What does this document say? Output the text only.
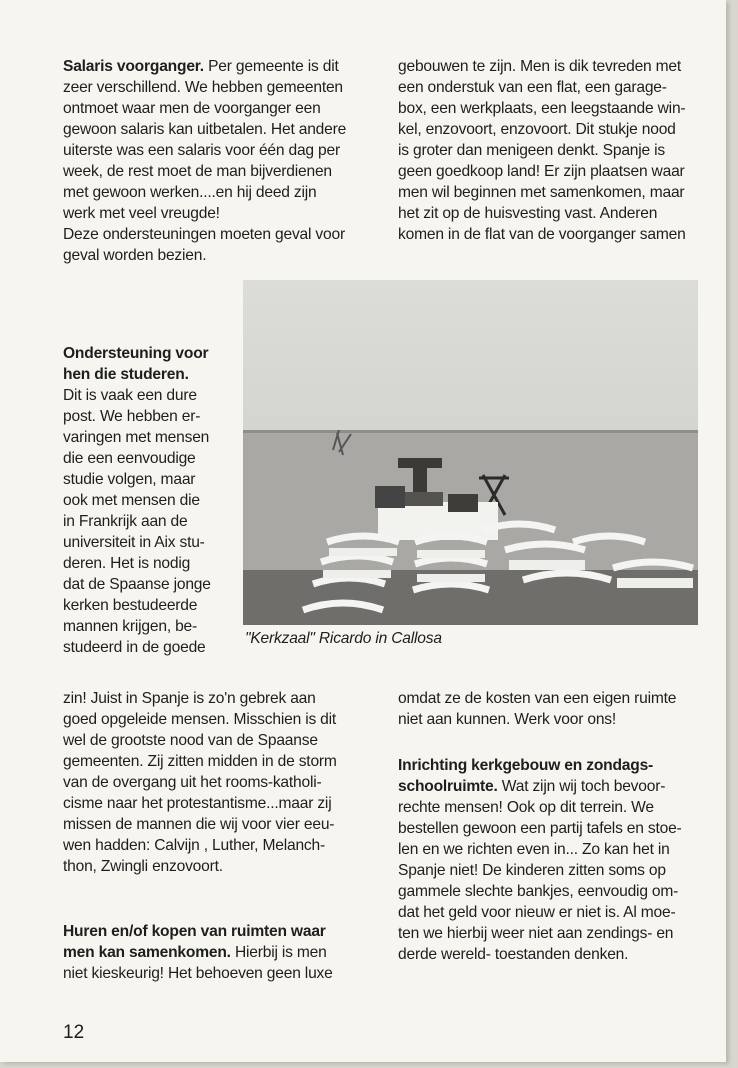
Salaris voorganger. Per gemeente is dit
zeer verschillend. We hebben gemeenten
ontmoet waar men de voorganger een
gewoon salaris kan uitbetalen. Het andere
uiterste was een salaris voor één dag per
week, de rest moet de man bijverdienen
met gewoon werken....en hij deed zijn
werk met veel vreugde!
Deze ondersteuningen moeten geval voor
geval worden bezien.
Ondersteuning voor
hen die studeren.
Dit is vaak een dure
post. We hebben er-
varingen met mensen
die een eenvoudige
studie volgen, maar
ook met mensen die
in Frankrijk aan de
universiteit in Aix stu-
deren. Het is nodig
dat de Spaanse jonge
kerken bestudeerde
mannen krijgen, be-
studeerd in de goede
zin! Juist in Spanje is zo'n gebrek aan
goed opgeleide mensen. Misschien is dit
wel de grootste nood van de Spaanse
gemeenten. Zij zitten midden in de storm
van de overgang uit het rooms-katholi-
cisme naar het protestantisme...maar zij
missen de mannen die wij voor vier eeu-
wen hadden: Calvijn , Luther, Melanch-
thon, Zwingli enzovoort.
Huren en/of kopen van ruimten waar
men kan samenkomen. Hierbij is men
niet kieskeurig! Het behoeven geen luxe
gebouwen te zijn. Men is dik tevreden met
een onderstuk van een flat, een garage-
box, een werkplaats, een leegstaande win-
kel, enzovoort, enzovoort. Dit stukje nood
is groter dan menigeen denkt. Spanje is
geen goedkoop land! Er zijn plaatsen waar
men wil beginnen met samenkomen, maar
het zit op de huisvesting vast. Anderen
komen in de flat van de voorganger samen
"Kerkzaal" Ricardo in Callosa
omdat ze de kosten van een eigen ruimte
niet aan kunnen. Werk voor ons!
Inrichting kerkgebouw en zondags-
schoolruimte. Wat zijn wij toch bevoor-
rechte mensen! Ook op dit terrein. We
bestellen gewoon een partij tafels en stoe-
len en we richten even in... Zo kan het in
Spanje niet! De kinderen zitten soms op
gammele slechte bankjes, eenvoudig om-
dat het geld voor nieuw er niet is. Al moe-
ten we hierbij weer niet aan zendings- en
derde wereld- toestanden denken.
12
